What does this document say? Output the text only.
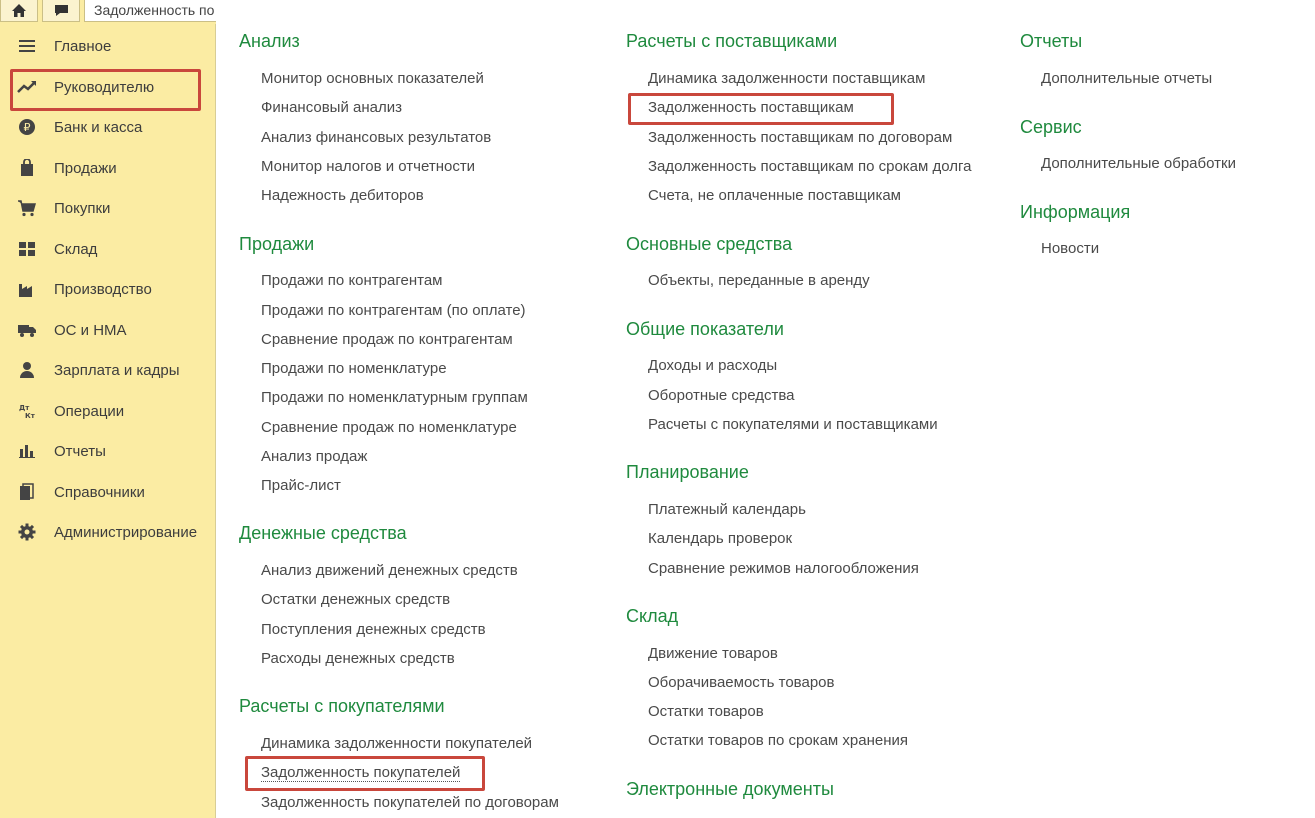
Задолженность по
Главное
Руководителю
₽ Банк и касса
Продажи
Покупки
Склад
Производство
ОС и НМА
Зарплата и кадры
Дт
Кт Операции
Отчеты
Справочники
Администрирование
Анализ
Монитор основных показателей
Финансовый анализ
Анализ финансовых результатов
Монитор налогов и отчетности
Надежность дебиторов
Продажи
Продажи по контрагентам
Продажи по контрагентам (по оплате)
Сравнение продаж по контрагентам
Продажи по номенклатуре
Продажи по номенклатурным группам
Сравнение продаж по номенклатуре
Анализ продаж
Прайс-лист
Денежные средства
Анализ движений денежных средств
Остатки денежных средств
Поступления денежных средств
Расходы денежных средств
Расчеты с покупателями
Динамика задолженности покупателей
Задолженность покупателей
Задолженность покупателей по договорам
Расчеты с поставщиками
Динамика задолженности поставщикам
Задолженность поставщикам
Задолженность поставщикам по договорам
Задолженность поставщикам по срокам долга
Счета, не оплаченные поставщикам
Основные средства
Объекты, переданные в аренду
Общие показатели
Доходы и расходы
Оборотные средства
Расчеты с покупателями и поставщиками
Планирование
Платежный календарь
Календарь проверок
Сравнение режимов налогообложения
Склад
Движение товаров
Оборачиваемость товаров
Остатки товаров
Остатки товаров по срокам хранения
Электронные документы
Отчеты
Дополнительные отчеты
Сервис
Дополнительные обработки
Информация
Новости
